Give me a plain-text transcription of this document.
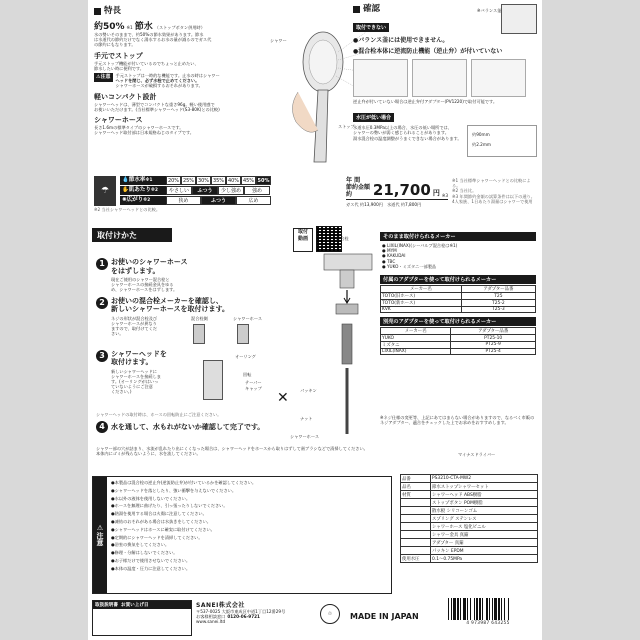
特長
約50% ※1 節水 （ストップボタン併用時）
水の勢いそのままで、約50%の節水効果があります。節水
は水道代の節約だけでなく湯水するお水の量が減るのでガス代
の節約にもなります。
手元でストップ
手元ストップ機能が付いているのでちょっと止めたい、
節水したい時に便利です。
⚠注意	手元ストップは一時的な機能です。止水の時はシャワー
ヘッドを閉じ、必ず水栓で止めてください。
シャワーホースが破損するおそれがあります。
軽いコンパクト設計
シャワーヘッドは、薄型でコンパクトな重さ96g。軽い使用感で
お使いいただけます。(当社標準シャワーヘッド(S3-80K)との比較)
シャワーホース
長さ1.6mの標準タイプのシャワーホースです。
シャワーヘッド取付部は日本規格ねじのタイプです。
シャワー
ストップ
確認
取付できない
※バランス釜
●バランス釜には使用できません。
●混合栓本体に逆流防止機能（逆止弁）が付いていない
逆止弁が付いていない場合は逆止弁付アダプター(PV1220)で取付可能です。
水圧が低い場合
水道水圧0.3MPa以上の場合、水圧の低い場所では、
シャワーの勢いが弱く感じられることがあります。
湯水混合栓の温度調整がうまくできない場合があります。
約90mm
約2.2mm
☂
💧節水率※1	20% 25% 30% 35% 40% 45% 50%
✋肌あたり※2	やさしい	ふつう	少し強め	強め
✺広がり※2	狭め	ふつう	広め
※2 当社シャワーヘッドとの比較。
年 間
節約金額 約	21,700 円 ※3
ガス代 約13,900円 水道代 約7,800円
※1 当社標準シャワーヘッドとの比較による。
※2 当社比。
※3 年間節約金額の試算条件は以下の通り。
4人家族、1日あたり湯量はシャワーで使用
取付けかた	取付
動画
1 お使いのシャワーホース
をはずします。
現在ご使用のシャワー混合栓と
シャワーホースの接続金具をゆる
め、シャワーホースをはずします。
2 お使いの混合栓メーカーを確認し、
新しいシャワーホースを取付けます。
ネジの形状が混合栓及び
シャワーホースが異なり
ますので、取付けてくだ
さい。
混合栓側	シャワーホース
3 シャワーヘッドを
取付けます。
新しいシャワーヘッドに
シャワーホースを接続しま
す。(オーリングがはいっ
ていないようにご注意
ください。)
オーリング
回転
テーパー
キャップ
✕
シャワーヘッドの取付時は、ホースの回転防止にご注意ください。
4 水を通して、水もれがないか確認して完了です。
混合栓
パッキン
ナット
シャワーホース
そのまま取付けられるメーカー
● LIXIL(INAX)(シーバルブ混合栓は※1)
● MYM
● KAKUDAI
● TBC
● YUKO・ミズタニ一部製品
付属のアダプターを使って取付けられるメーカー
メーカー名	アダプター品番
TOTO(旧ホース)	T25
TOTO(新ホース)	T25-2
KVK	T25-3
別売のアダプターを使って取付けられるメーカー
メーカー名	アダプター品番
YUKO	PT25-10
ミズタニ	PT25-9
LIXIL(INAX)	PT25-4
※ネジ仕様の変更等、上記にあてはまらない場合がありますので、なるべく市販のネジアダプター、適合をチェックした上でお求めをおすすめします。
シャワー部の穴が詰まり、水流が乱れたり出にくくなった場合は、シャワーヘッドをホースから取りはずして歯ブラシなどで清掃してください。
本体内にゴミが残らないように、水を流してください。	マイナスドライバー
⚠
注意
●本製品は混合栓の逆止弁(逆流防止弁)が付いているかを確認してください。
●シャワーヘッドを落としたり、強い衝撃を与えないでください。
●水以外の液体を使用しないでください。
●ホースを無理に曲げたり、引っ張ったりしないでください。
●熱湯を使用する場合は火傷に注意してください。
●凍結のおそれがある場合は水抜きをしてください。
●シャワーヘッドはホースに確実に取付けてください。
●定期的にシャワーヘッドを清掃してください。
●浴室の換気をしてください。
●修理・分解はしないでください。
●お子様だけで使用させないでください。
●本体の温度・圧力に注意してください。
品番	PS3210-CTA-MW2
品名	節水ストップシャワーセット
材質	シャワーヘッド ABS樹脂
	ストップボタン POM樹脂
	散水板 シリコーンゴム
	スプリング ステンレス
	シャワーホース 塩化ビニル
	シャワー金具 真鍮
	アダプター 真鍮
	パッキン EPDM
使用水圧	0.1〜0.75MPa
取扱説明書 お買い上げ日	SANEI株式会社
〒537-0025 大阪市東成区中道1丁目12番29号
お客様相談窓口 0120-06-9721
www.sanei.ltd
♲	MADE IN JAPAN
4 973987 643255
